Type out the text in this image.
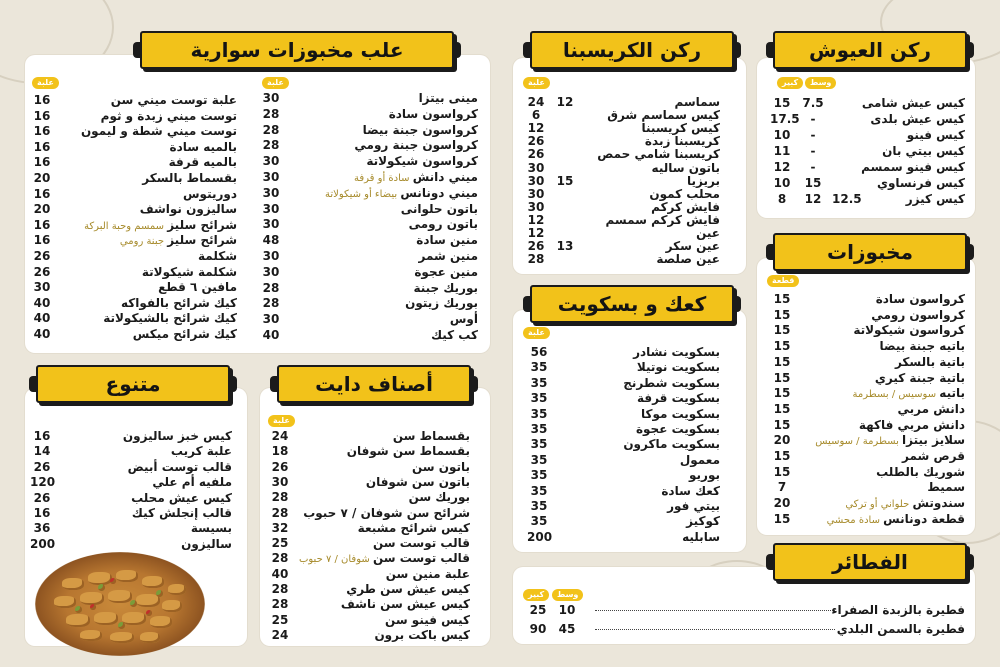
ركن العيوش
مخبوزات
الفطائر
ركن الكريسبنا
كعك و بسكويت
علب مخبوزات سوارية
أصناف دايت
متنوع
وسط
كبير
قطعة
وسط
كبير
علبة
علبة
علبة
علبة
علبة
كيس عيش شامى
7.5
15
كيس عيش بلدى
-
17.5
كيس فينو
-
10
كيس بيتي بان
-
11
كيس فينو سمسم
-
12
كيس فرنساوي
15
10
كيس كيزر
12.5
12
8
كرواسون سادة
15
كرواسون رومي
15
كرواسون شيكولاتة
15
باتيه جبنة بيضا
15
باتية بالسكر
15
باتية جبنة كيري
15
باتيه سوسيس / بسطرمة
15
دانش مربي
15
دانش مربي فاكهة
15
سلايز بيتزا بسطرمة / سوسيس
20
قرص شمر
15
شوريك بالطلب
15
سميط
7
سندوتش حلواني أو تركي
20
قطعة دونانس سادة محشي
15
سماسم
12
24
كيس سماسم شرق
6
كيس كريسبنا
12
كريسبنا زبدة
26
كريسبنا شامي حمص
26
باتون ساليه
30
بريزيا
15
30
محلب كمون
30
فايش كركم
30
فايش كركم سمسم
12
عين
12
عين سكر
13
26
عين صلصة
28
بسكويت نشادر
56
بسكويت نوتيلا
35
بسكويت شطرنج
35
بسكويت قرفة
35
بسكويت موكا
35
بسكويت عجوة
35
بسكويت ماكرون
35
معمول
35
بوريو
35
كعك سادة
35
بيتي فور
35
كوكيز
35
سابليه
200
مينى بيتزا
30
كرواسون سادة
28
كرواسون جبنة بيضا
28
كرواسون جبنة رومي
28
كرواسون شيكولاتة
30
ميني دانش سادة أو قرفة
30
ميني دونانس بيضاء أو شيكولاتة
30
باتون حلوانى
30
باتون رومى
30
منين سادة
48
منين شمر
30
منين عجوة
30
بوريك جبنة
28
بوريك زيتون
28
أوس
30
كب كيك
40
علبة توست ميني سن
16
توست ميني زبدة و ثوم
16
توست ميني شطة و ليمون
16
بالميه سادة
16
بالميه قرفة
16
بقسماط بالسكر
20
دوريتوس
16
ساليزون نواشف
20
شرائح سليز سمسم وحبة البركة
16
شرائح سليز جبنة رومي
16
شكلمة
26
شكلمة شيكولاتة
26
مافين ٦ قطع
30
كيك شرائح بالفواكه
40
كيك شرائح بالشيكولاتة
40
كيك شرائح ميكس
40
بقسماط سن
24
بقسماط سن شوفان
18
باتون سن
26
باتون سن شوفان
30
بوريك سن
28
شرائح سن شوفان / ٧ حبوب
28
كيس شرائح مشبعة
32
قالب توست سن
25
قالب توست سن شوفان / ٧ حبوب
28
علبة منين سن
40
كيس عيش سن طري
28
كيس عيش سن ناشف
28
كيس فينو سن
25
كيس باكت برون
24
كيس خبز ساليزون
16
علبة كريب
14
قالب توست أبيض
26
ملفيه أم علي
120
كيس عيش محلب
26
قالب إنجلش كيك
16
بسيسة
36
ساليزون
200
فطيرة بالزبدة الصفراء
10
25
فطيرة بالسمن البلدي
45
90
